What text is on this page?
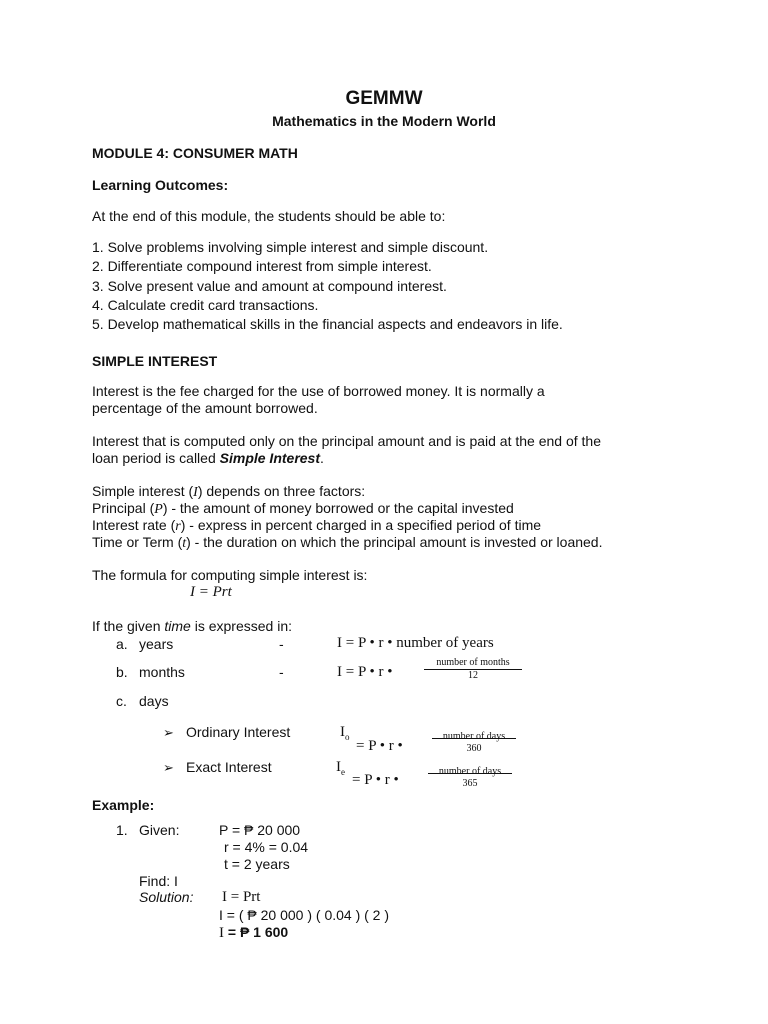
GEMMW
Mathematics in the Modern World
MODULE 4: CONSUMER MATH
Learning Outcomes:
At the end of this module, the students should be able to:
1. Solve problems involving simple interest and simple discount.
2. Differentiate compound interest from simple interest.
3. Solve present value and amount at compound interest.
4. Calculate credit card transactions.
5. Develop mathematical skills in the financial aspects and endeavors in life.
SIMPLE INTEREST
Interest is the fee charged for the use of borrowed money. It is normally a
percentage of the amount borrowed.
Interest that is computed only on the principal amount and is paid at the end of the
loan period is called Simple Interest.
Simple interest (I) depends on three factors:
Principal (P) - the amount of money borrowed or the capital invested
Interest rate (r) - express in percent charged in a specified period of time
Time or Term (t) - the duration on which the principal amount is invested or loaned.
The formula for computing simple interest is:
I = Prt
If the given time is expressed in:
a. years	-	I = P • r • number of years
b. months	-	I = P • r •
number of months
12
c. days
➢ Ordinary Interest	$I_o$
= P • r •
number of days
360
➢ Exact Interest	$I_e = P$ • r •
number of days
365
Example:
1. Given:	P = ₱ 20 000
r = 4% = 0.04
t = 2 years
Find: I
Solution: I = Prt
I = ( ₱ 20 000 ) ( 0.04 ) ( 2 )
I = ₱ 1 600
